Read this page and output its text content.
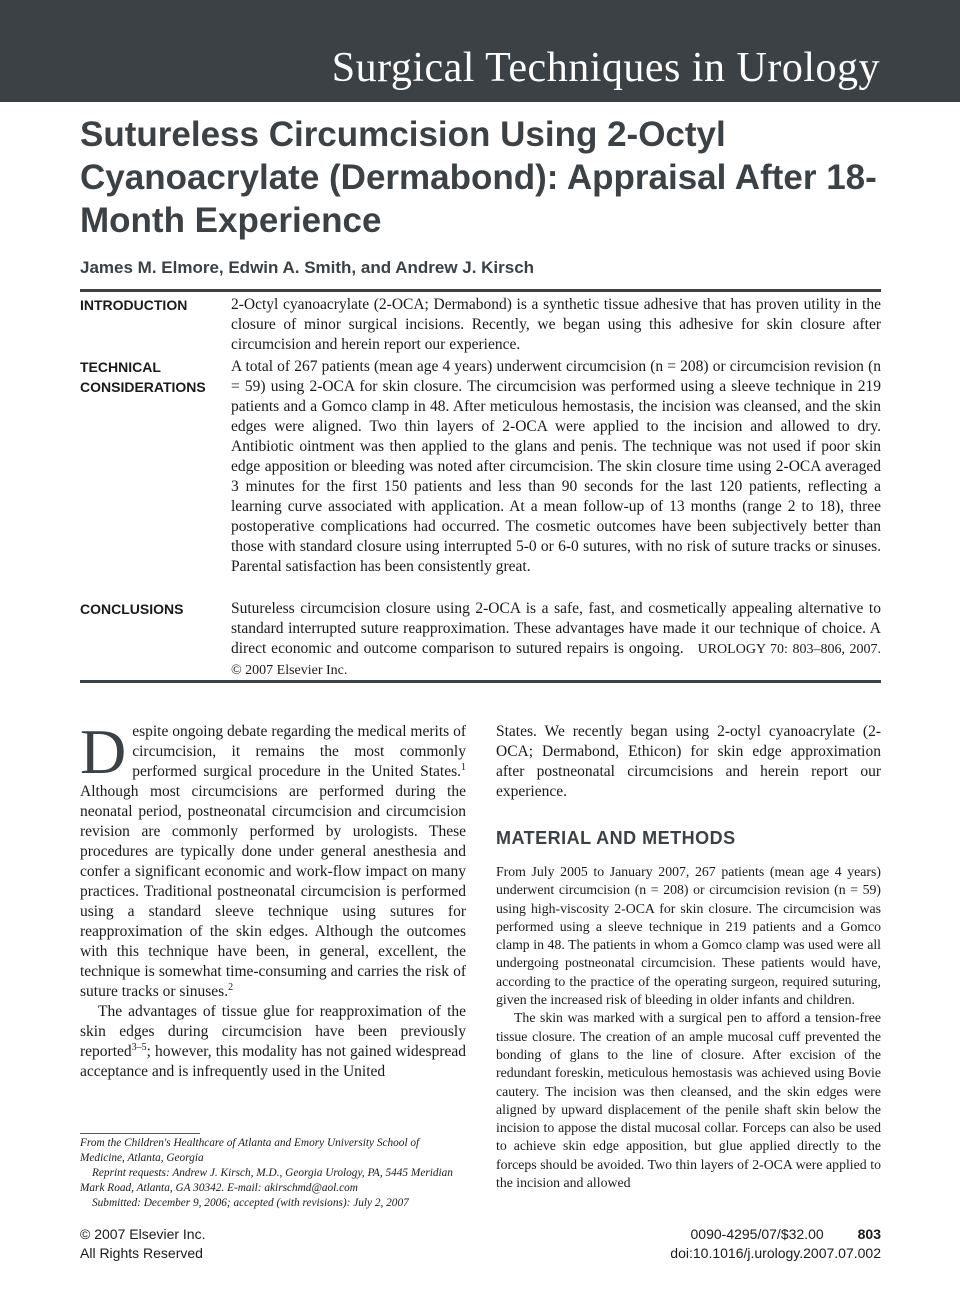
Surgical Techniques in Urology
Sutureless Circumcision Using 2-Octyl Cyanoacrylate (Dermabond): Appraisal After 18-Month Experience
James M. Elmore, Edwin A. Smith, and Andrew J. Kirsch
INTRODUCTION	2-Octyl cyanoacrylate (2-OCA; Dermabond) is a synthetic tissue adhesive that has proven utility in the closure of minor surgical incisions. Recently, we began using this adhesive for skin closure after circumcision and herein report our experience.

TECHNICAL
CONSIDERATIONS

A total of 267 patients (mean age 4 years) underwent circumcision (n = 208) or circumcision revision (n = 59) using 2-OCA for skin closure. The circumcision was performed using a sleeve technique in 219 patients and a Gomco clamp in 48. After meticulous hemostasis, the incision was cleansed, and the skin edges were aligned. Two thin layers of 2-OCA were applied to the incision and allowed to dry. Antibiotic ointment was then applied to the glans and penis. The technique was not used if poor skin edge apposition or bleeding was noted after circumcision. The skin closure time using 2-OCA averaged 3 minutes for the first 150 patients and less than 90 seconds for the last 120 patients, reflecting a learning curve associated with application. At a mean follow-up of 13 months (range 2 to 18), three postoperative complications had occurred. The cosmetic outcomes have been subjectively better than those with standard closure using interrupted 5-0 or 6-0 sutures, with no risk of suture tracks or sinuses. Parental satisfaction has been consistently great.

CONCLUSIONS	Sutureless circumcision closure using 2-OCA is a safe, fast, and cosmetically appealing alternative to standard interrupted suture reapproximation. These advantages have made it our technique of choice. A direct economic and outcome comparison to sutured repairs is ongoing. UROLOGY 70: 803–806, 2007. © 2007 Elsevier Inc.

Despite ongoing debate regarding the medical merits of circumcision, it remains the most commonly performed surgical procedure in the United States.$^1$ Although most circumcisions are performed during the neonatal period, postneonatal circumcision and circumcision revision are commonly performed by urologists. These procedures are typically done under general anesthesia and confer a significant economic and work-flow impact on many practices. Traditional postneonatal circumcision is performed using a standard sleeve technique using sutures for reapproximation of the skin edges. Although the outcomes with this technique have been, in general, excellent, the technique is somewhat time-consuming and carries the risk of suture tracks or sinuses.$^2$

The advantages of tissue glue for reapproximation of the skin edges during circumcision have been previously reported$^{3-5}$; however, this modality has not gained widespread acceptance and is infrequently used in the United

States. We recently began using 2-octyl cyanoacrylate (2-OCA; Dermabond, Ethicon) for skin edge approximation after postneonatal circumcisions and herein report our experience.

MATERIAL AND METHODS

From July 2005 to January 2007, 267 patients (mean age 4 years) underwent circumcision (n = 208) or circumcision revision (n = 59) using high-viscosity 2-OCA for skin closure. The circumcision was performed using a sleeve technique in 219 patients and a Gomco clamp in 48. The patients in whom a Gomco clamp was used were all undergoing postneonatal circumcision. These patients would have, according to the practice of the operating surgeon, required suturing, given the increased risk of bleeding in older infants and children.

The skin was marked with a surgical pen to afford a tension-free tissue closure. The creation of an ample mucosal cuff prevented the bonding of glans to the line of closure. After excision of the redundant foreskin, meticulous hemostasis was achieved using Bovie cautery. The incision was then cleansed, and the skin edges were aligned by upward displacement of the penile shaft skin below the incision to appose the distal mucosal collar. Forceps can also be used to achieve skin edge apposition, but glue applied directly to the forceps should be avoided. Two thin layers of 2-OCA were applied to the incision and allowed

From the Children's Healthcare of Atlanta and Emory University School of Medicine, Atlanta, Georgia

Reprint requests: Andrew J. Kirsch, M.D., Georgia Urology, PA, 5445 Meridian Mark Road, Atlanta, GA 30342. E-mail: akirschmd@aol.com

Submitted: December 9, 2006; accepted (with revisions): July 2, 2007

© 2007 Elsevier Inc.
All Rights Reserved
0090-4295/07/$32.00 803
doi:10.1016/j.urology.2007.07.002
